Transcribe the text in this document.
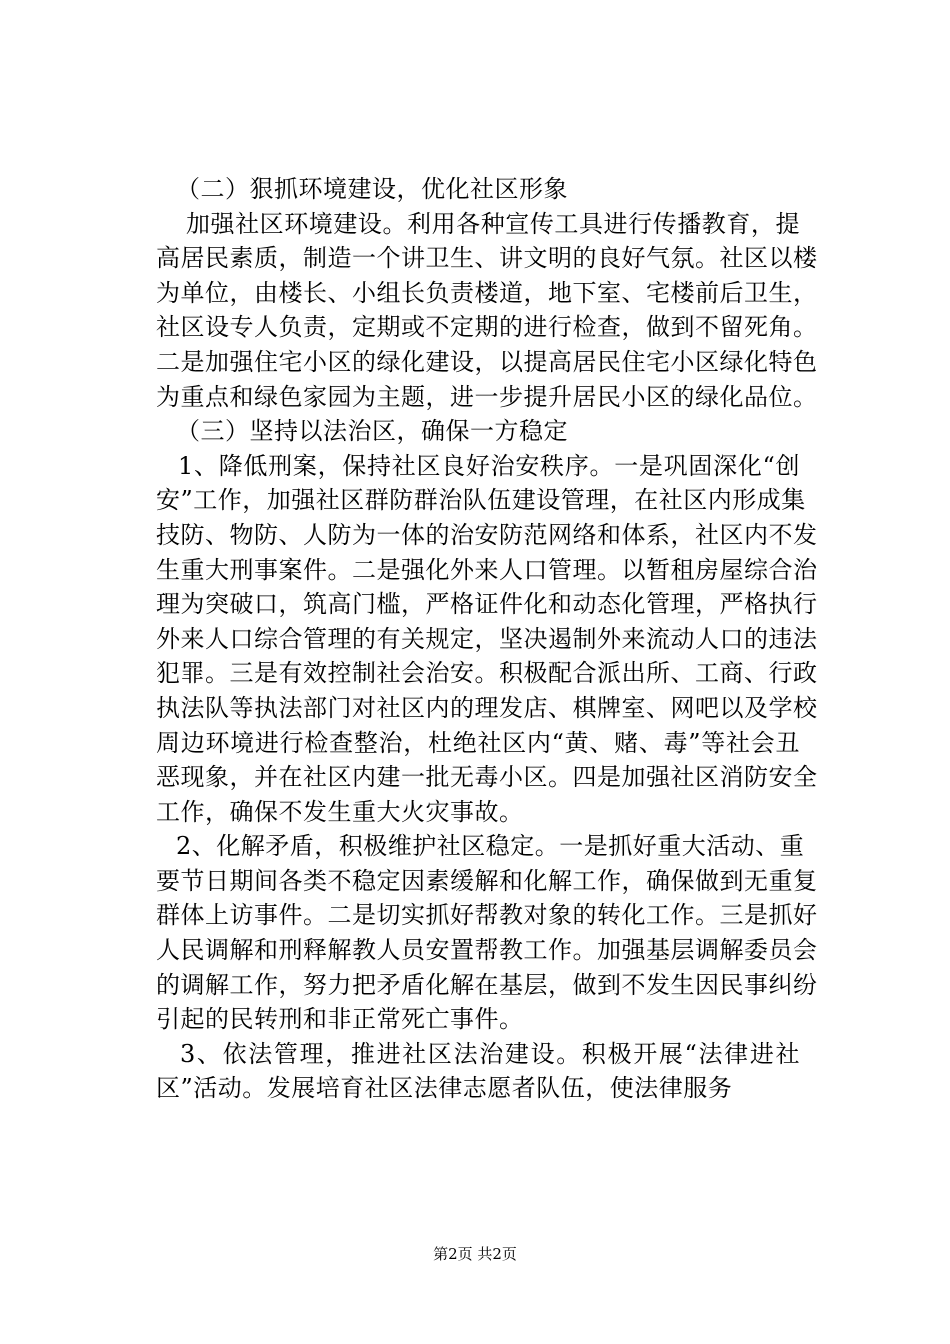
（二）狠抓环境建设，优化社区形象
加强社区环境建设。利用各种宣传工具进行传播教育，提
高居民素质，制造一个讲卫生、讲文明的良好气氛。社区以楼
为单位，由楼长、小组长负责楼道，地下室、宅楼前后卫生，
社区设专人负责，定期或不定期的进行检查，做到不留死角。
二是加强住宅小区的绿化建设，以提高居民住宅小区绿化特色
为重点和绿色家园为主题，进一步提升居民小区的绿化品位。
（三）坚持以法治区，确保一方稳定
1、降低刑案，保持社区良好治安秩序。一是巩固深化“创
安”工作，加强社区群防群治队伍建设管理，在社区内形成集
技防、物防、人防为一体的治安防范网络和体系，社区内不发
生重大刑事案件。二是强化外来人口管理。以暂租房屋综合治
理为突破口，筑高门槛，严格证件化和动态化管理，严格执行
外来人口综合管理的有关规定，坚决遏制外来流动人口的违法
犯罪。三是有效控制社会治安。积极配合派出所、工商、行政
执法队等执法部门对社区内的理发店、棋牌室、网吧以及学校
周边环境进行检查整治，杜绝社区内“黄、赌、毒”等社会丑
恶现象，并在社区内建一批无毒小区。四是加强社区消防安全
工作，确保不发生重大火灾事故。
2、化解矛盾，积极维护社区稳定。一是抓好重大活动、重
要节日期间各类不稳定因素缓解和化解工作，确保做到无重复
群体上访事件。二是切实抓好帮教对象的转化工作。三是抓好
人民调解和刑释解教人员安置帮教工作。加强基层调解委员会
的调解工作，努力把矛盾化解在基层，做到不发生因民事纠纷
引起的民转刑和非正常死亡事件。
3、依法管理，推进社区法治建设。积极开展“法律进社
区”活动。发展培育社区法律志愿者队伍，使法律服务
第2页 共2页
